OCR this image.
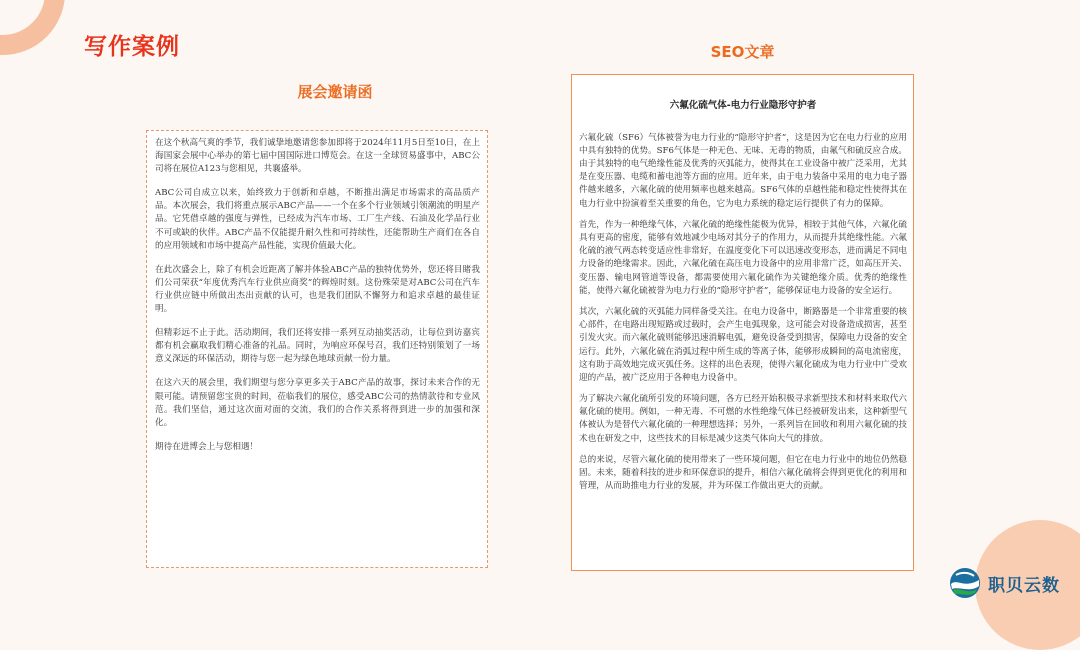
写作案例
展会邀请函
SEO文章

在这个秋高气爽的季节，我们诚挚地邀请您参加即将于2024年11月5日至10日，在上海国家会展中心举办的第七届中国国际进口博览会。在这一全球贸易盛事中，ABC公司将在展位A123与您相见，共襄盛举。

ABC公司自成立以来，始终致力于创新和卓越，不断推出满足市场需求的高品质产品。本次展会，我们将重点展示ABC产品——一个在多个行业领域引领潮流的明星产品。它凭借卓越的强度与弹性，已经成为汽车市场、工厂生产线、石油及化学品行业不可或缺的伙伴。ABC产品不仅能提升耐久性和可持续性，还能帮助生产商们在各自的应用领域和市场中提高产品性能，实现价值最大化。

在此次盛会上，除了有机会近距离了解并体验ABC产品的独特优势外，您还将目睹我们公司荣获“年度优秀汽车行业供应商奖”的辉煌时刻。这份殊荣是对ABC公司在汽车行业供应链中所做出杰出贡献的认可，也是我们团队不懈努力和追求卓越的最佳证明。

但精彩远不止于此。活动期间，我们还将安排一系列互动抽奖活动，让每位到访嘉宾都有机会赢取我们精心准备的礼品。同时，为响应环保号召，我们还特别策划了一场意义深远的环保活动，期待与您一起为绿色地球贡献一份力量。

在这六天的展会里，我们期望与您分享更多关于ABC产品的故事，探讨未来合作的无限可能。请预留您宝贵的时间，莅临我们的展位，感受ABC公司的热情款待和专业风范。我们坚信，通过这次面对面的交流，我们的合作关系将得到进一步的加强和深化。

期待在进博会上与您相遇！

六氟化硫气体-电力行业隐形守护者

六氟化硫（SF6）气体被誉为电力行业的“隐形守护者”，这是因为它在电力行业的应用中具有独特的优势。SF6气体是一种无色、无味、无毒的物质，由氟气和硫反应合成。由于其独特的电气绝缘性能及优秀的灭弧能力，使得其在工业设备中被广泛采用，尤其是在变压器、电缆和蓄电池等方面的应用。近年来，由于电力装备中采用的电力电子器件越来越多，六氟化硫的使用频率也越来越高。SF6气体的卓越性能和稳定性使得其在电力行业中扮演着至关重要的角色，它为电力系统的稳定运行提供了有力的保障。

首先，作为一种绝缘气体，六氟化硫的绝缘性能极为优异，相较于其他气体，六氟化硫具有更高的密度，能够有效地减少电场对其分子的作用力，从而提升其绝缘性能。六氟化硫的液气两态转变适应性非常好，在温度变化下可以迅速改变形态，进而满足不同电力设备的绝缘需求。因此，六氟化硫在高压电力设备中的应用非常广泛，如高压开关、变压器、输电网管道等设备，都需要使用六氟化硫作为关键绝缘介质。优秀的绝缘性能，使得六氟化硫被誉为电力行业的“隐形守护者”，能够保证电力设备的安全运行。

其次，六氟化硫的灭弧能力同样备受关注。在电力设备中，断路器是一个非常重要的核心部件，在电路出现短路或过载时，会产生电弧现象，这可能会对设备造成损害，甚至引发火灾。而六氟化硫则能够迅速消解电弧，避免设备受到损害，保障电力设备的安全运行。此外，六氟化硫在消弧过程中所生成的等离子体，能够形成瞬间的高电流密度，这有助于高效地完成灭弧任务。这样的出色表现，使得六氟化硫成为电力行业中广受欢迎的产品，被广泛应用于各种电力设备中。

为了解决六氟化硫所引发的环境问题，各方已经开始积极寻求新型技术和材料来取代六氟化硫的使用。例如，一种无毒、不可燃的水性绝缘气体已经被研发出来，这种新型气体被认为是替代六氟化硫的一种理想选择；另外，一系列旨在回收和利用六氟化硫的技术也在研发之中，这些技术的目标是减少这类气体向大气的排放。

总的来说，尽管六氟化硫的使用带来了一些环境问题，但它在电力行业中的地位仍然稳固。未来，随着科技的进步和环保意识的提升，相信六氟化硫将会得到更优化的利用和管理，从而助推电力行业的发展，并为环保工作做出更大的贡献。

职贝云数
